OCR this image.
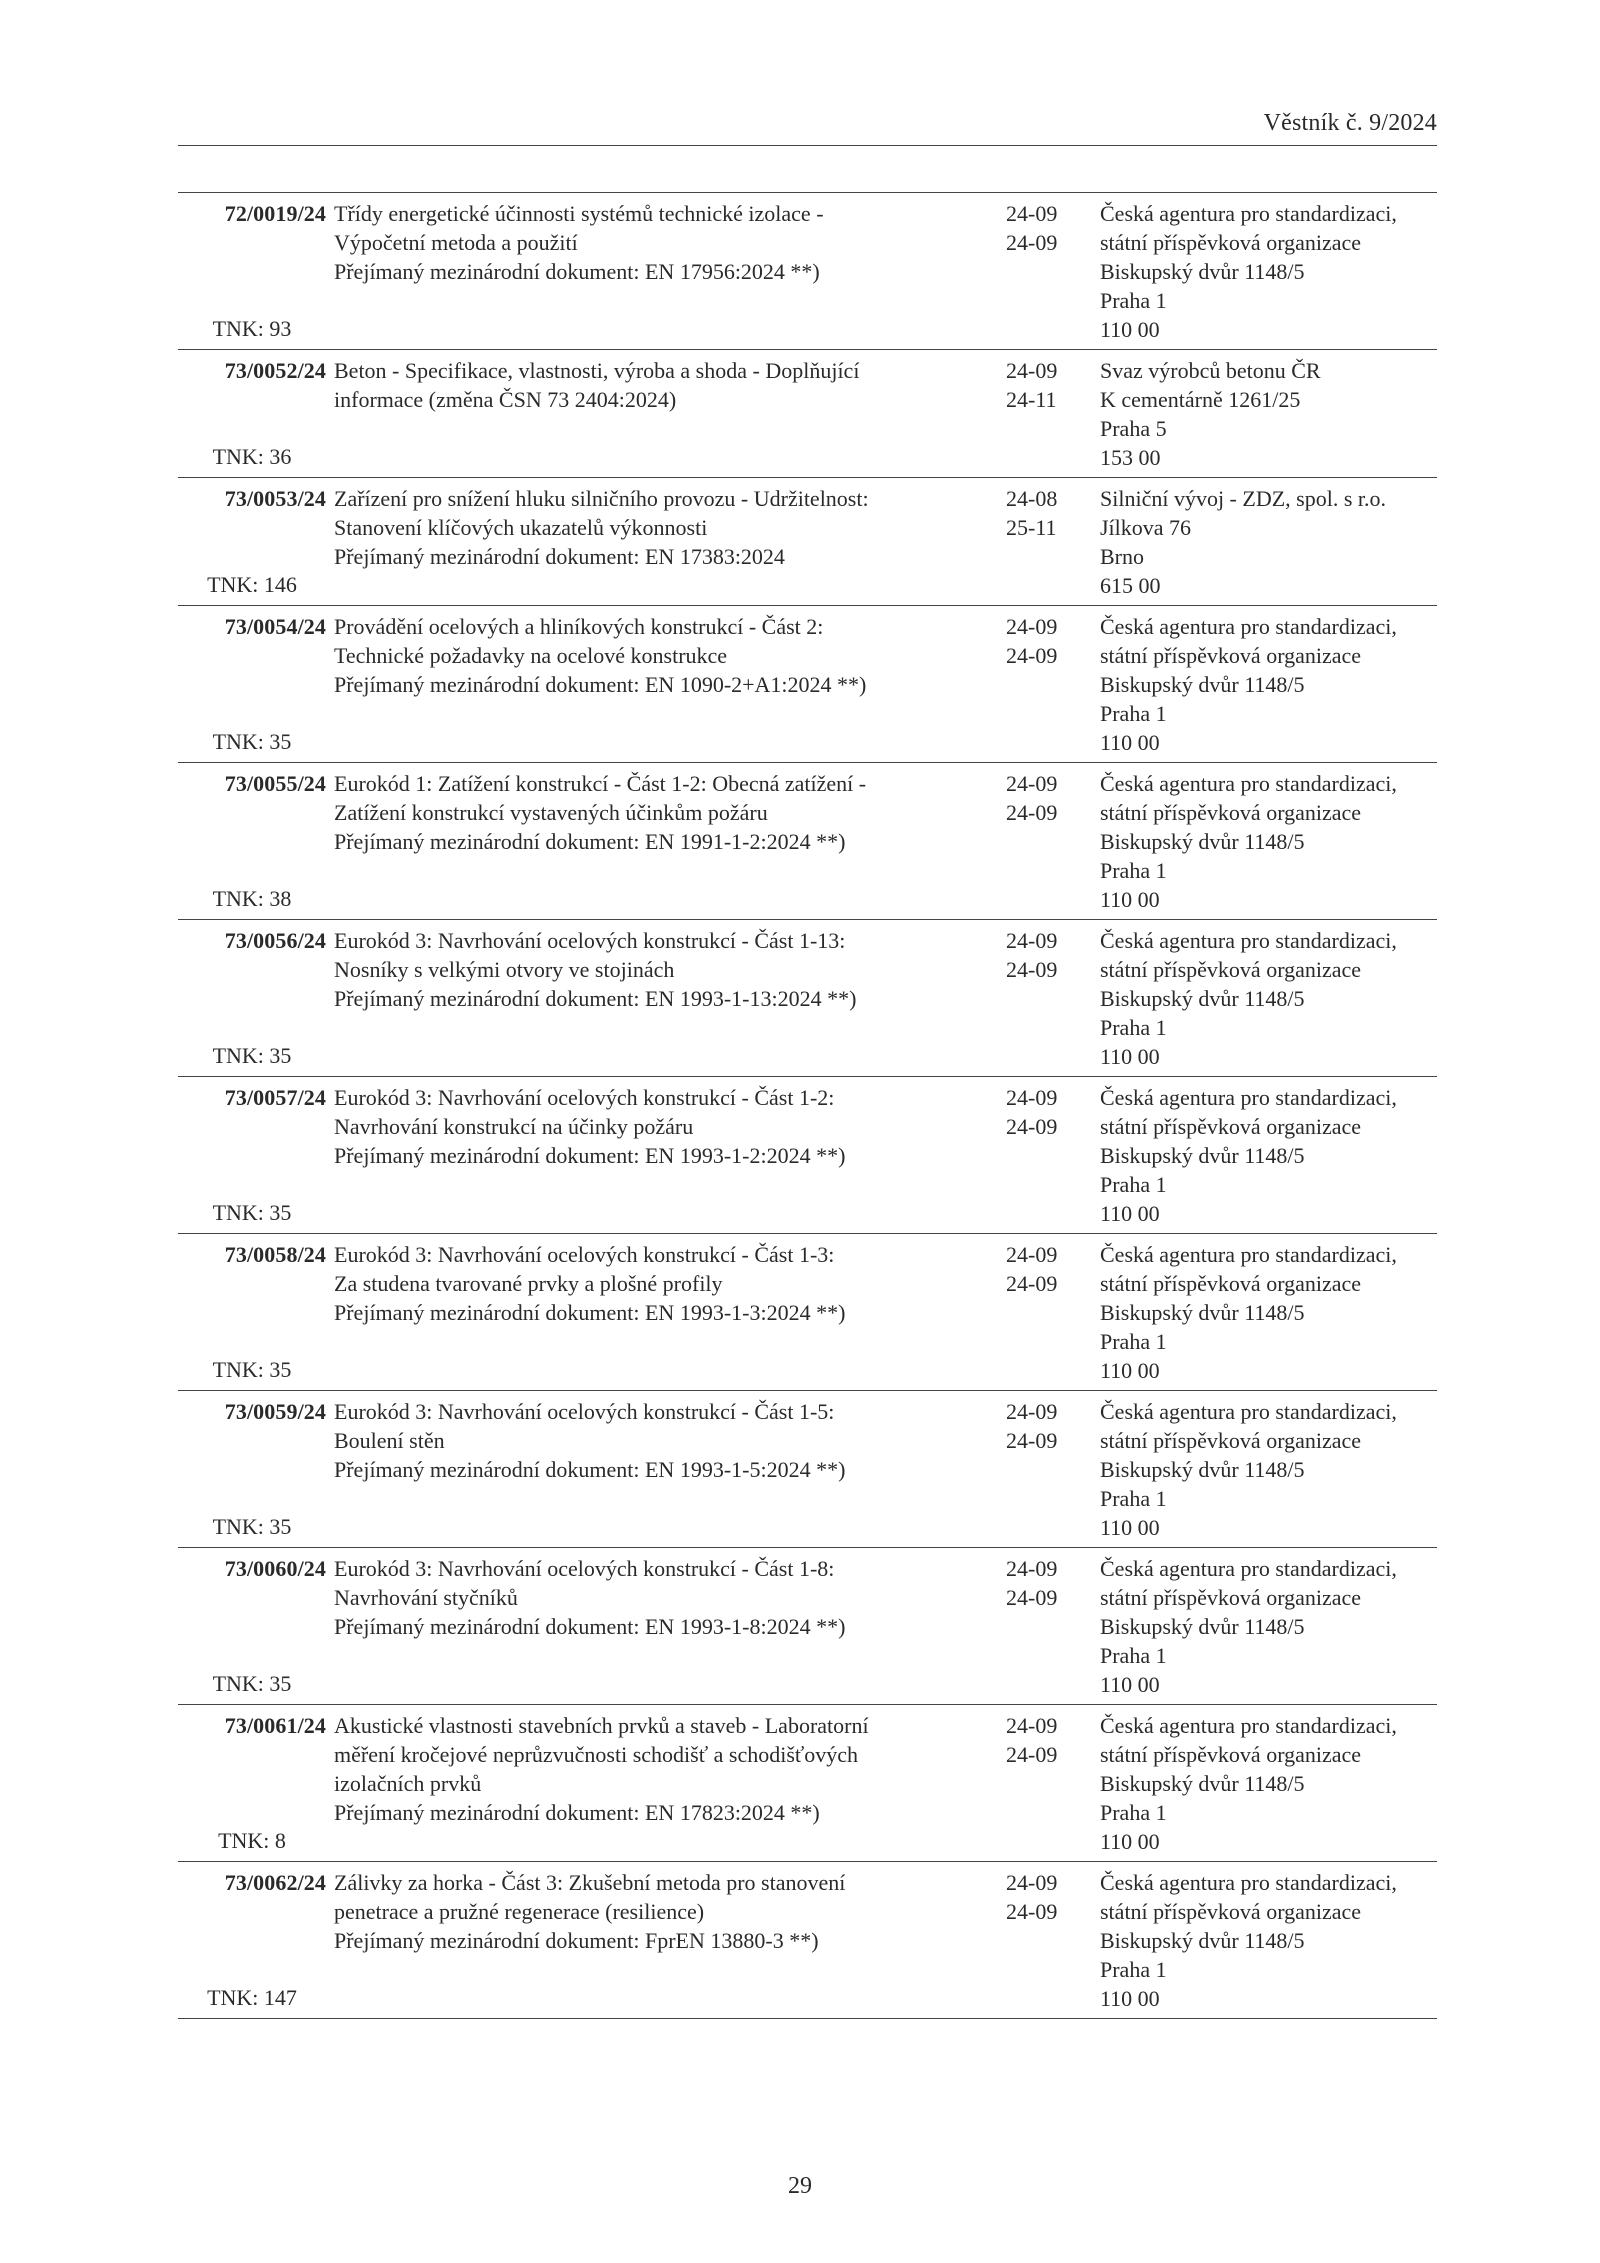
Věstník č. 9/2024
72/0019/24
TNK: 93
Třídy energetické účinnosti systémů technické izolace -
Výpočetní metoda a použití
Přejímaný mezinárodní dokument: EN 17956:2024 **)
24-09
24-09
Česká agentura pro standardizaci,
státní příspěvková organizace
Biskupský dvůr 1148/5
Praha 1
110 00
73/0052/24
TNK: 36
Beton - Specifikace, vlastnosti, výroba a shoda - Doplňující
informace (změna ČSN 73 2404:2024)
24-09
24-11
Svaz výrobců betonu ČR
K cementárně 1261/25
Praha 5
153 00
73/0053/24
TNK: 146
Zařízení pro snížení hluku silničního provozu - Udržitelnost:
Stanovení klíčových ukazatelů výkonnosti
Přejímaný mezinárodní dokument: EN 17383:2024
24-08
25-11
Silniční vývoj - ZDZ, spol. s r.o.
Jílkova 76
Brno
615 00
73/0054/24
TNK: 35
Provádění ocelových a hliníkových konstrukcí - Část 2:
Technické požadavky na ocelové konstrukce
Přejímaný mezinárodní dokument: EN 1090-2+A1:2024 **)
24-09
24-09
Česká agentura pro standardizaci,
státní příspěvková organizace
Biskupský dvůr 1148/5
Praha 1
110 00
73/0055/24
TNK: 38
Eurokód 1: Zatížení konstrukcí - Část 1-2: Obecná zatížení -
Zatížení konstrukcí vystavených účinkům požáru
Přejímaný mezinárodní dokument: EN 1991-1-2:2024 **)
24-09
24-09
Česká agentura pro standardizaci,
státní příspěvková organizace
Biskupský dvůr 1148/5
Praha 1
110 00
73/0056/24
TNK: 35
Eurokód 3: Navrhování ocelových konstrukcí - Část 1-13:
Nosníky s velkými otvory ve stojinách
Přejímaný mezinárodní dokument: EN 1993-1-13:2024 **)
24-09
24-09
Česká agentura pro standardizaci,
státní příspěvková organizace
Biskupský dvůr 1148/5
Praha 1
110 00
73/0057/24
TNK: 35
Eurokód 3: Navrhování ocelových konstrukcí - Část 1-2:
Navrhování konstrukcí na účinky požáru
Přejímaný mezinárodní dokument: EN 1993-1-2:2024 **)
24-09
24-09
Česká agentura pro standardizaci,
státní příspěvková organizace
Biskupský dvůr 1148/5
Praha 1
110 00
73/0058/24
TNK: 35
Eurokód 3: Navrhování ocelových konstrukcí - Část 1-3:
Za studena tvarované prvky a plošné profily
Přejímaný mezinárodní dokument: EN 1993-1-3:2024 **)
24-09
24-09
Česká agentura pro standardizaci,
státní příspěvková organizace
Biskupský dvůr 1148/5
Praha 1
110 00
73/0059/24
TNK: 35
Eurokód 3: Navrhování ocelových konstrukcí - Část 1-5:
Boulení stěn
Přejímaný mezinárodní dokument: EN 1993-1-5:2024 **)
24-09
24-09
Česká agentura pro standardizaci,
státní příspěvková organizace
Biskupský dvůr 1148/5
Praha 1
110 00
73/0060/24
TNK: 35
Eurokód 3: Navrhování ocelových konstrukcí - Část 1-8:
Navrhování styčníků
Přejímaný mezinárodní dokument: EN 1993-1-8:2024 **)
24-09
24-09
Česká agentura pro standardizaci,
státní příspěvková organizace
Biskupský dvůr 1148/5
Praha 1
110 00
73/0061/24
TNK: 8
Akustické vlastnosti stavebních prvků a staveb - Laboratorní
měření kročejové neprůzvučnosti schodišť a schodišťových
izolačních prvků
Přejímaný mezinárodní dokument: EN 17823:2024 **)
24-09
24-09
Česká agentura pro standardizaci,
státní příspěvková organizace
Biskupský dvůr 1148/5
Praha 1
110 00
73/0062/24
TNK: 147
Zálivky za horka - Část 3: Zkušební metoda pro stanovení
penetrace a pružné regenerace (resilience)
Přejímaný mezinárodní dokument: FprEN 13880-3 **)
24-09
24-09
Česká agentura pro standardizaci,
státní příspěvková organizace
Biskupský dvůr 1148/5
Praha 1
110 00
29
